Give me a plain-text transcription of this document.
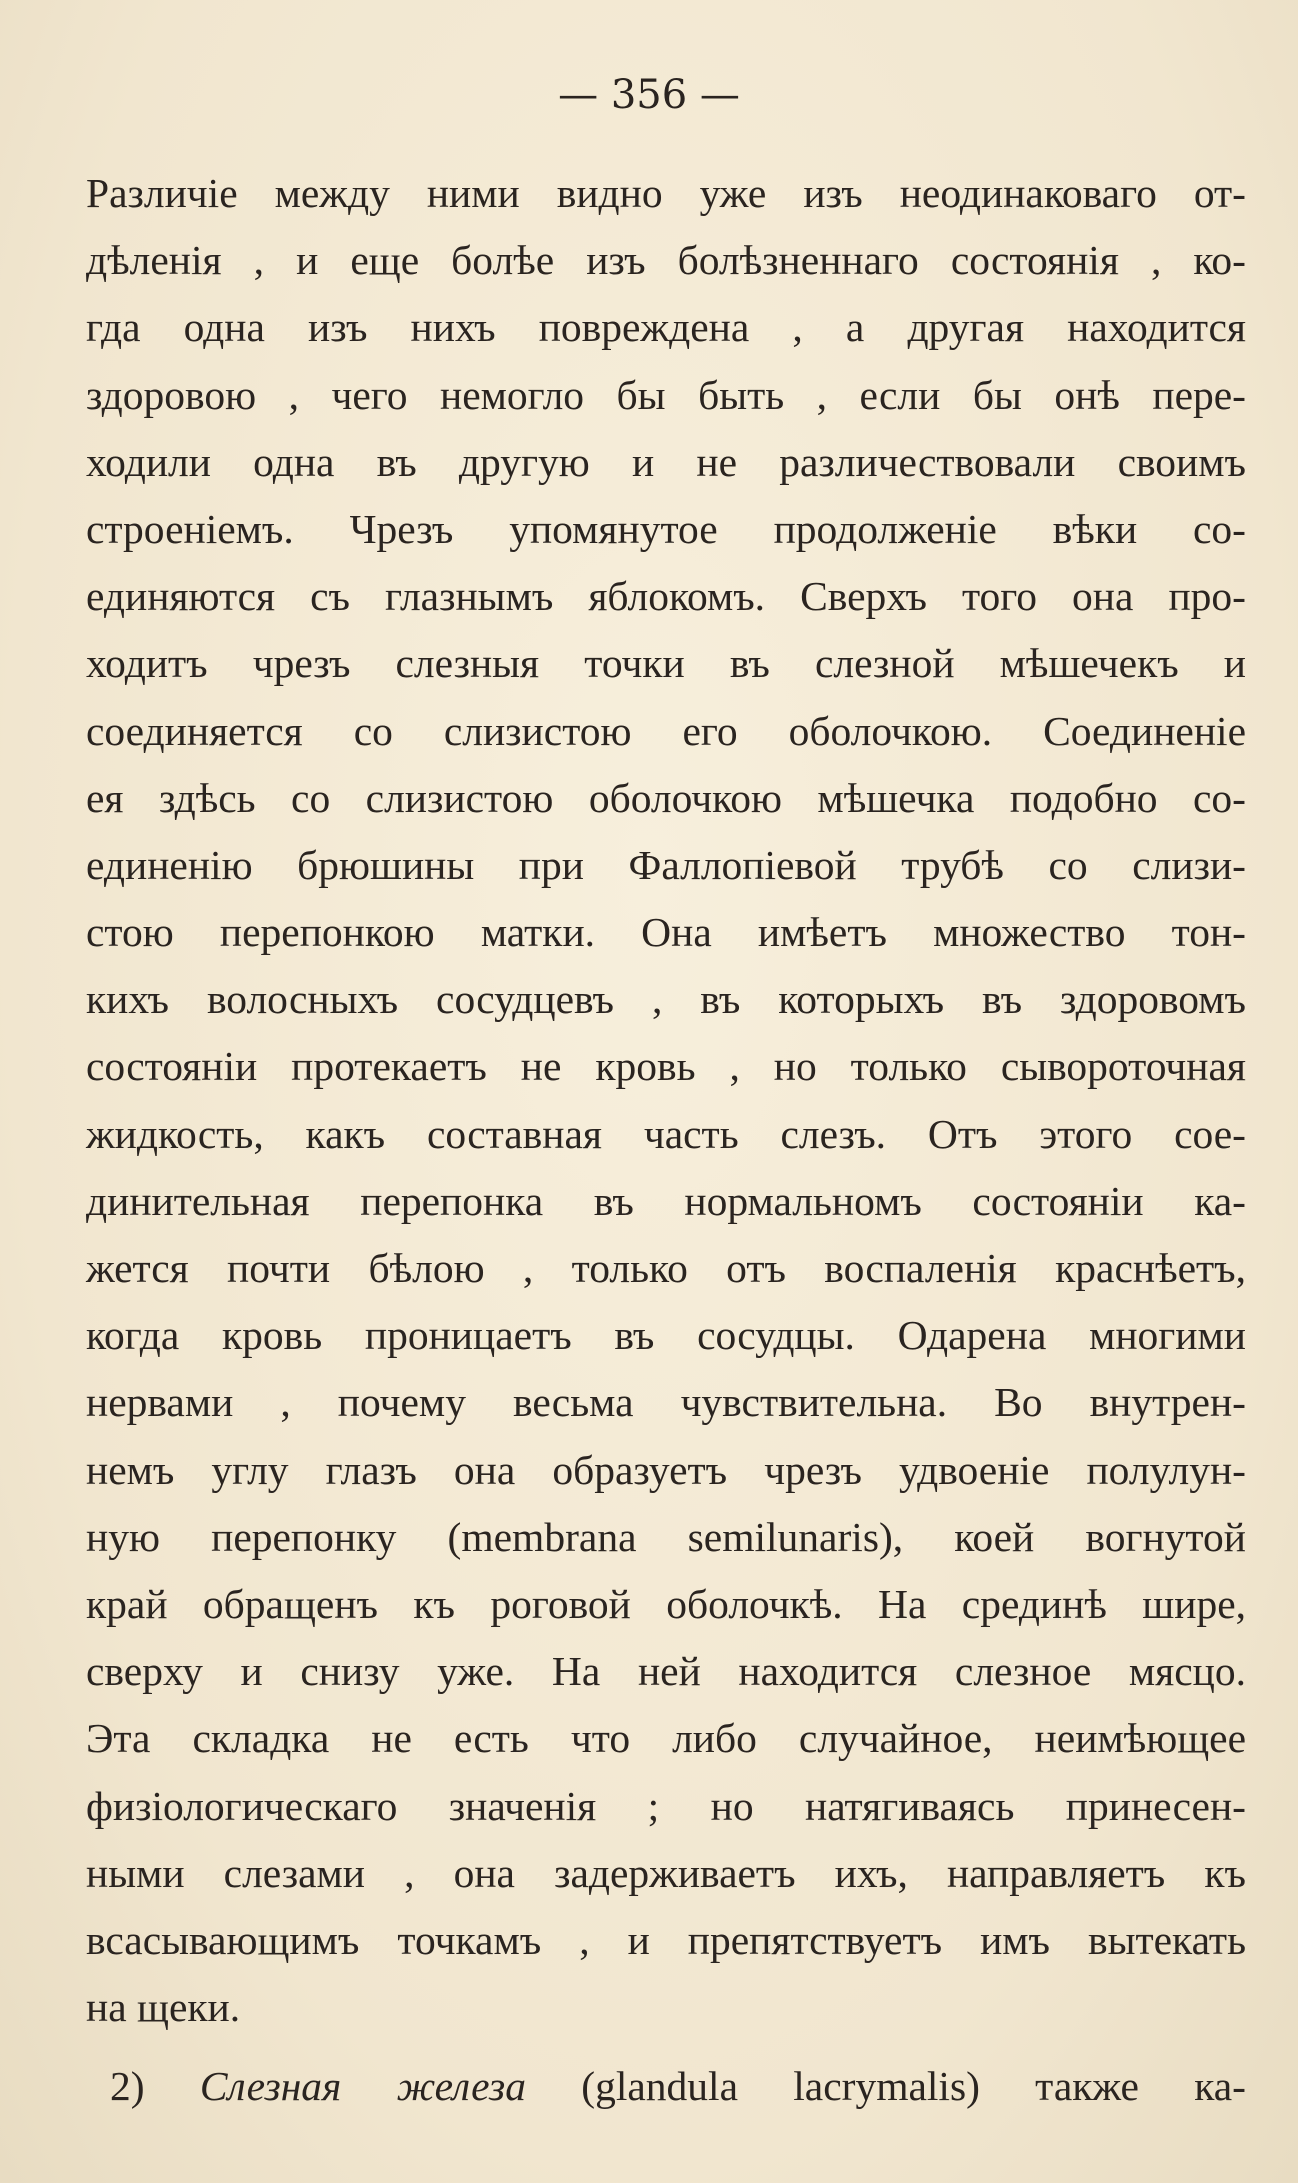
— 356 —
Различіе между ними видно уже изъ неодинаковаго от-
дѣленія , и еще болѣе изъ болѣзненнаго состоянія , ко-
гда одна изъ нихъ повреждена , а другая находится
здоровою , чего немогло бы быть , если бы онѣ пере-
ходили одна въ другую и не различествовали своимъ
строеніемъ. Чрезъ упомянутое продолженіе вѣки со-
единяются съ глазнымъ яблокомъ. Сверхъ того она про-
ходитъ чрезъ слезныя точки въ слезной мѣшечекъ и
соединяется со слизистою его оболочкою. Соединеніе
ея здѣсь со слизистою оболочкою мѣшечка подобно со-
единенію брюшины при Фаллопіевой трубѣ со слизи-
стою перепонкою матки. Она имѣетъ множество тон-
кихъ волосныхъ сосудцевъ , въ которыхъ въ здоровомъ
состояніи протекаетъ не кровь , но только сывороточная
жидкость, какъ составная часть слезъ. Отъ этого сое-
динительная перепонка въ нормальномъ состояніи ка-
жется почти бѣлою , только отъ воспаленія краснѣетъ,
когда кровь проницаетъ въ сосудцы. Одарена многими
нервами , почему весьма чувствительна. Во внутрен-
немъ углу глазъ она образуетъ чрезъ удвоеніе полулун-
ную перепонку (membrana semilunaris), коей вогнутой
край обращенъ къ роговой оболочкѣ. На срединѣ шире,
сверху и снизу уже. На ней находится слезное мясцо.
Эта складка не есть что либо случайное, неимѣющее
физіологическаго значенія ; но натягиваясь принесен-
ными слезами , она задерживаетъ ихъ, направляетъ къ
всасывающимъ точкамъ , и препятствуетъ имъ вытекать
на щеки.
2) Слезная железа (glandula lacrymalis) также ка-
